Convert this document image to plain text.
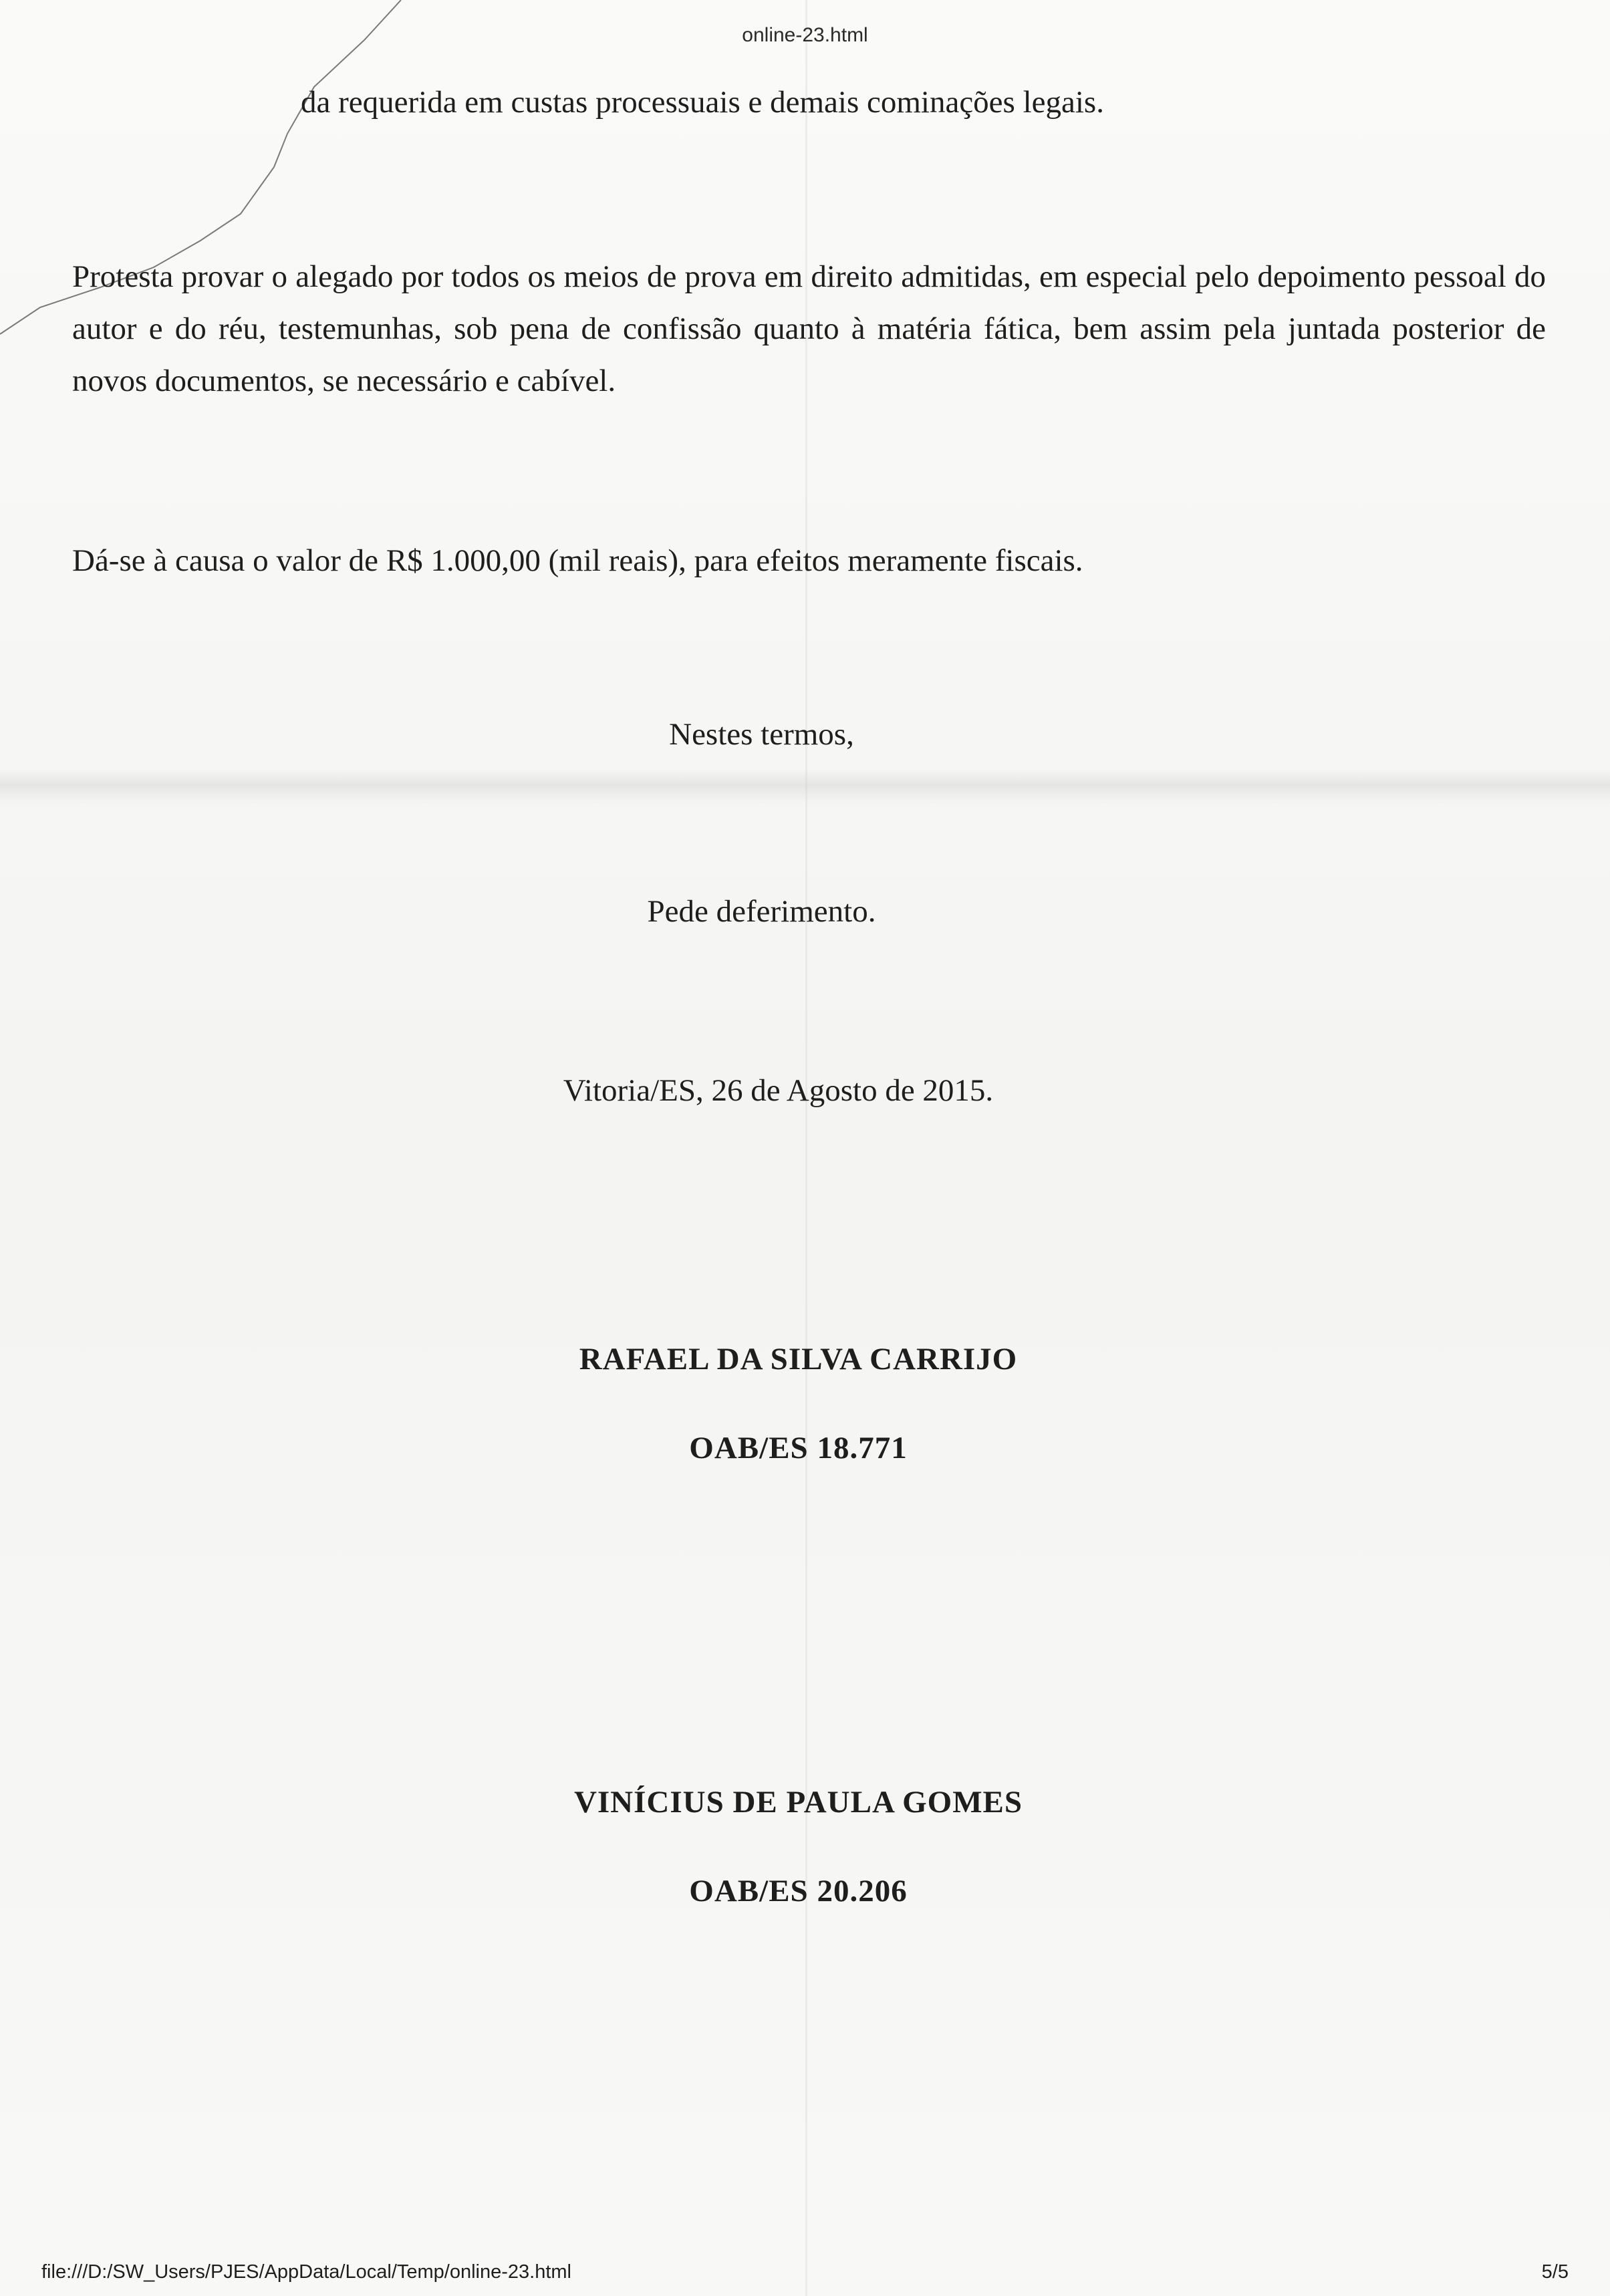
online-23.html
da requerida em custas processuais e demais cominações legais.
Protesta provar o alegado por todos os meios de prova em direito admitidas, em especial pelo depoimento pessoal do autor e do réu, testemunhas, sob pena de confissão quanto à matéria fática, bem assim pela juntada posterior de novos documentos, se necessário e cabível.
Dá-se à causa o valor de R$ 1.000,00 (mil reais), para efeitos meramente fiscais.
Nestes termos,
Pede deferimento.
Vitoria/ES, 26 de Agosto de 2015.
RAFAEL DA SILVA CARRIJO
OAB/ES 18.771
VINÍCIUS DE PAULA GOMES
OAB/ES 20.206
file:///D:/SW_Users/PJES/AppData/Local/Temp/online-23.html	5/5
